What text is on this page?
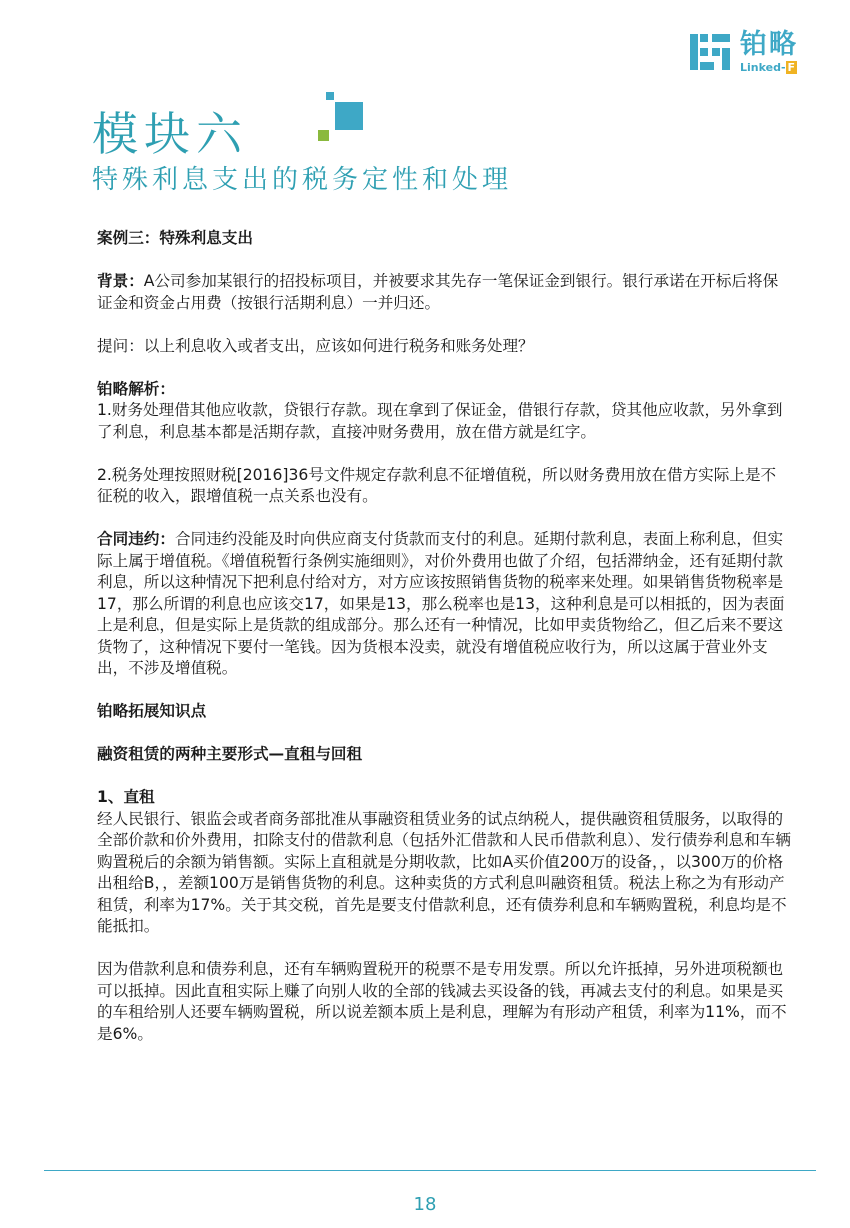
铂略
Linked- F
模块六
特殊利息支出的税务定性和处理

案例三：特殊利息支出

背景：A公司参加某银行的招投标项目，并被要求其先存一笔保证金到银行。银行承诺在开标后将保证金和资金占用费（按银行活期利息）一并归还。

提问：以上利息收入或者支出，应该如何进行税务和账务处理？

铂略解析：

1.财务处理借其他应收款，贷银行存款。现在拿到了保证金，借银行存款，贷其他应收款，另外拿到了利息，利息基本都是活期存款，直接冲财务费用，放在借方就是红字。

2.税务处理按照财税[2016]36号文件规定存款利息不征增值税，所以财务费用放在借方实际上是不征税的收入，跟增值税一点关系也没有。

合同违约：合同违约没能及时向供应商支付货款而支付的利息。延期付款利息，表面上称利息，但实际上属于增值税。《增值税暂行条例实施细则》，对价外费用也做了介绍，包括滞纳金，还有延期付款利息，所以这种情况下把利息付给对方，对方应该按照销售货物的税率来处理。如果销售货物税率是17，那么所谓的利息也应该交17，如果是13，那么税率也是13，这种利息是可以相抵的，因为表面上是利息，但是实际上是货款的组成部分。那么还有一种情况，比如甲卖货物给乙，但乙后来不要这货物了，这种情况下要付一笔钱。因为货根本没卖，就没有增值税应收行为，所以这属于营业外支出，不涉及增值税。

铂略拓展知识点

融资租赁的两种主要形式—直租与回租

1、直租

经人民银行、银监会或者商务部批准从事融资租赁业务的试点纳税人，提供融资租赁服务，以取得的全部价款和价外费用，扣除支付的借款利息（包括外汇借款和人民币借款利息）、发行债券利息和车辆购置税后的余额为销售额。实际上直租就是分期收款，比如A买价值200万的设备，，以300万的价格出租给B，，差额100万是销售货物的利息。这种卖货的方式利息叫融资租赁。税法上称之为有形动产租赁，利率为17%。关于其交税，首先是要支付借款利息，还有债券利息和车辆购置税，利息均是不能抵扣。

因为借款利息和债券利息，还有车辆购置税开的税票不是专用发票。所以允许抵掉，另外进项税额也可以抵掉。因此直租实际上赚了向别人收的全部的钱减去买设备的钱，再减去支付的利息。如果是买的车租给别人还要车辆购置税，所以说差额本质上是利息，理解为有形动产租赁，利率为11%，而不是6%。

18
